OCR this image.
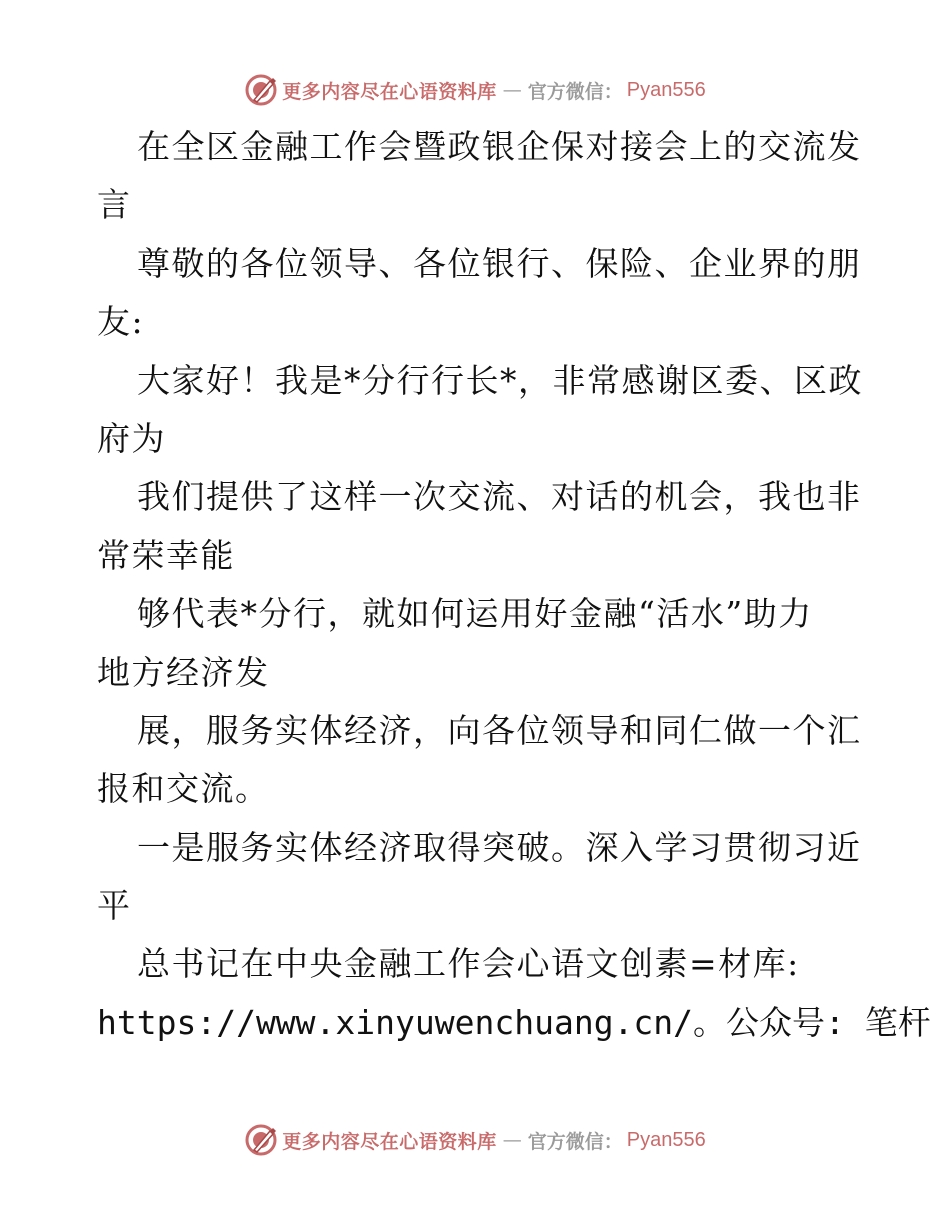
更多内容尽在心语资料库 — 官方微信： Pyan556
在全区金融工作会暨政银企保对接会上的交流发
言
尊敬的各位领导、各位银行、保险、企业界的朋
友:
大家好！我是*分行行长*，非常感谢区委、区政
府为
我们提供了这样一次交流、对话的机会，我也非
常荣幸能
够代表*分行，就如何运用好金融“活水”助力
地方经济发
展，服务实体经济，向各位领导和同仁做一个汇
报和交流。
一是服务实体经济取得突破。深入学习贯彻习近
平
总书记在中央金融工作会心语文创素=材库:
https://www.xinyuwenchuang.cn/。公众号: 笔杆
更多内容尽在心语资料库 — 官方微信： Pyan556
